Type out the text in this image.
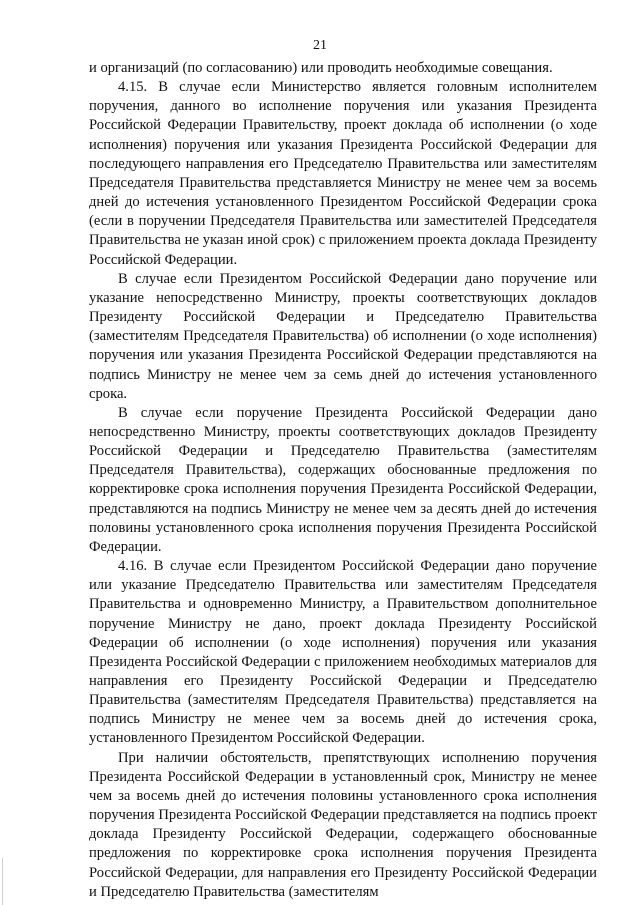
21

и организаций (по согласованию) или проводить необходимые совещания.

4.15. В случае если Министерство является головным исполнителем поручения, данного во исполнение поручения или указания Президента Российской Федерации Правительству, проект доклада об исполнении (о ходе исполнения) поручения или указания Президента Российской Федерации для последующего направления его Председателю Правительства или заместителям Председателя Правительства представляется Министру не менее чем за восемь дней до истечения установленного Президентом Российской Федерации срока (если в поручении Председателя Правительства или заместителей Председателя Правительства не указан иной срок) с приложением проекта доклада Президенту Российской Федерации.

В случае если Президентом Российской Федерации дано поручение или указание непосредственно Министру, проекты соответствующих докладов Президенту Российской Федерации и Председателю Правительства (заместителям Председателя Правительства) об исполнении (о ходе исполнения) поручения или указания Президента Российской Федерации представляются на подпись Министру не менее чем за семь дней до истечения установленного срока.

В случае если поручение Президента Российской Федерации дано непосредственно Министру, проекты соответствующих докладов Президенту Российской Федерации и Председателю Правительства (заместителям Председателя Правительства), содержащих обоснованные предложения по корректировке срока исполнения поручения Президента Российской Федерации, представляются на подпись Министру не менее чем за десять дней до истечения половины установленного срока исполнения поручения Президента Российской Федерации.

4.16. В случае если Президентом Российской Федерации дано поручение или указание Председателю Правительства или заместителям Председателя Правительства и одновременно Министру, а Правительством дополнительное поручение Министру не дано, проект доклада Президенту Российской Федерации об исполнении (о ходе исполнения) поручения или указания Президента Российской Федерации с приложением необходимых материалов для направления его Президенту Российской Федерации и Председателю Правительства (заместителям Председателя Правительства) представляется на подпись Министру не менее чем за восемь дней до истечения срока, установленного Президентом Российской Федерации.

При наличии обстоятельств, препятствующих исполнению поручения Президента Российской Федерации в установленный срок, Министру не менее чем за восемь дней до истечения половины установленного срока исполнения поручения Президента Российской Федерации представляется на подпись проект доклада Президенту Российской Федерации, содержащего обоснованные предложения по корректировке срока исполнения поручения Президента Российской Федерации, для направления его Президенту Российской Федерации и Председателю Правительства (заместителям
